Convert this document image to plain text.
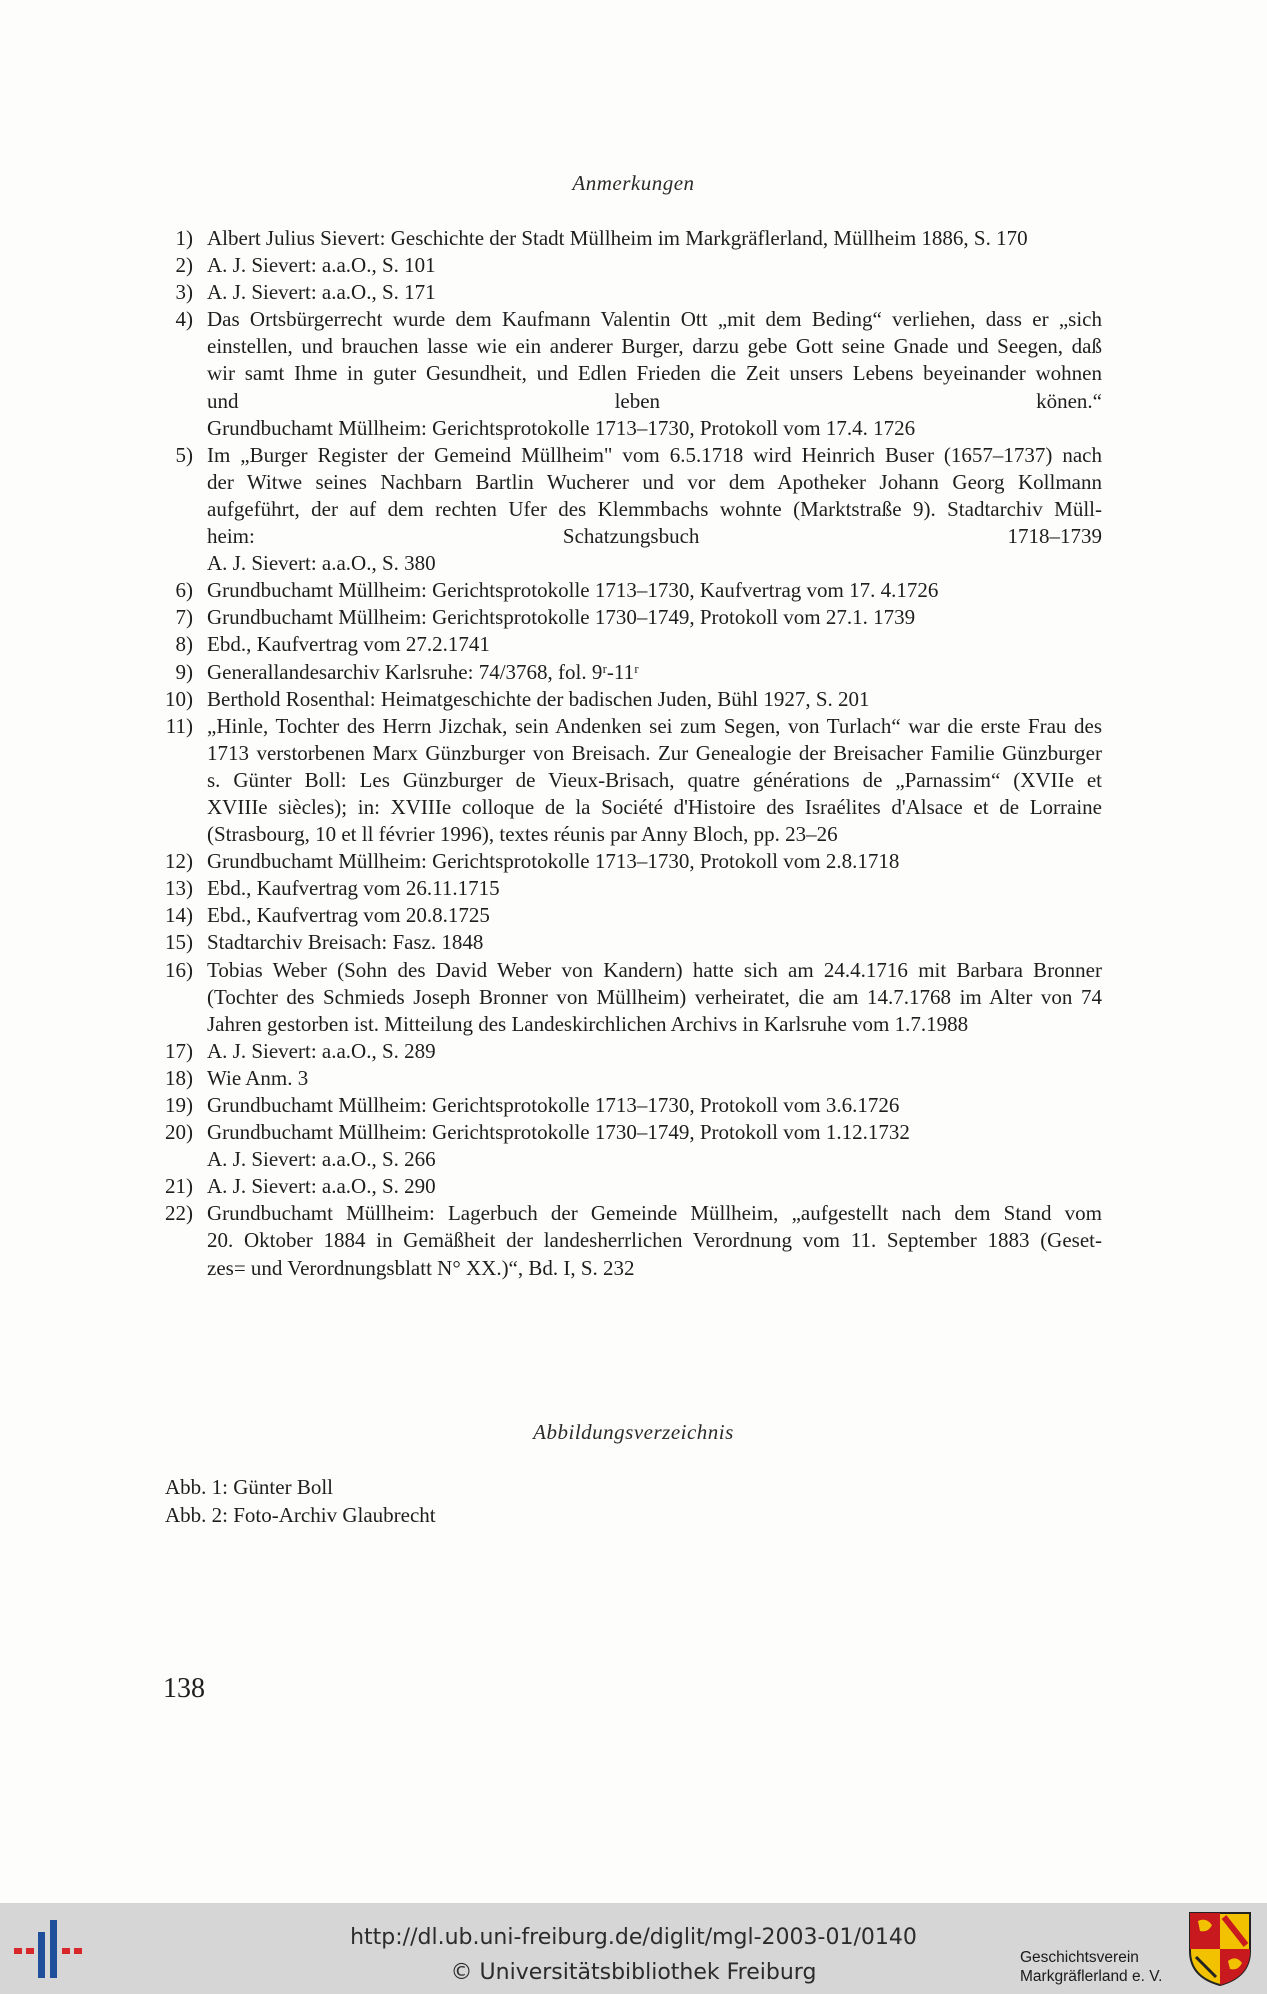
Anmerkungen
1) Albert Julius Sievert: Geschichte der Stadt Müllheim im Markgräflerland, Müllheim 1886, S. 170
2) A. J. Sievert: a.a.O., S. 101
3) A. J. Sievert: a.a.O., S. 171
4) Das Ortsbürgerrecht wurde dem Kaufmann Valentin Ott „mit dem Beding“ verliehen, dass er „sich
einstellen, und brauchen lasse wie ein anderer Burger, darzu gebe Gott seine Gnade und Seegen, daß
wir samt Ihme in guter Gesundheit, und Edlen Frieden die Zeit unsers Lebens beyeinander wohnen
und leben könen.“
Grundbuchamt Müllheim: Gerichtsprotokolle 1713–1730, Protokoll vom 17.4. 1726
5) Im „Burger Register der Gemeind Müllheim" vom 6.5.1718 wird Heinrich Buser (1657–1737) nach
der Witwe seines Nachbarn Bartlin Wucherer und vor dem Apotheker Johann Georg Kollmann
aufgeführt, der auf dem rechten Ufer des Klemmbachs wohnte (Marktstraße 9). Stadtarchiv Müll-
heim: Schatzungsbuch 1718–1739
A. J. Sievert: a.a.O., S. 380
6) Grundbuchamt Müllheim: Gerichtsprotokolle 1713–1730, Kaufvertrag vom 17. 4.1726
7) Grundbuchamt Müllheim: Gerichtsprotokolle 1730–1749, Protokoll vom 27.1. 1739
8) Ebd., Kaufvertrag vom 27.2.1741
9) Generallandesarchiv Karlsruhe: 74/3768, fol. 9ʳ-11ʳ
10) Berthold Rosenthal: Heimatgeschichte der badischen Juden, Bühl 1927, S. 201
11) „Hinle, Tochter des Herrn Jizchak, sein Andenken sei zum Segen, von Turlach“ war die erste Frau des
1713 verstorbenen Marx Günzburger von Breisach. Zur Genealogie der Breisacher Familie Günzburger
s. Günter Boll: Les Günzburger de Vieux-Brisach, quatre générations de „Parnassim“ (XVIIe et
XVIIIe siècles); in: XVIIIe colloque de la Société d'Histoire des Israélites d'Alsace et de Lorraine
(Strasbourg, 10 et ll février 1996), textes réunis par Anny Bloch, pp. 23–26
12) Grundbuchamt Müllheim: Gerichtsprotokolle 1713–1730, Protokoll vom 2.8.1718
13) Ebd., Kaufvertrag vom 26.11.1715
14) Ebd., Kaufvertrag vom 20.8.1725
15) Stadtarchiv Breisach: Fasz. 1848
16) Tobias Weber (Sohn des David Weber von Kandern) hatte sich am 24.4.1716 mit Barbara Bronner
(Tochter des Schmieds Joseph Bronner von Müllheim) verheiratet, die am 14.7.1768 im Alter von 74
Jahren gestorben ist. Mitteilung des Landeskirchlichen Archivs in Karlsruhe vom 1.7.1988
17) A. J. Sievert: a.a.O., S. 289
18) Wie Anm. 3
19) Grundbuchamt Müllheim: Gerichtsprotokolle 1713–1730, Protokoll vom 3.6.1726
20) Grundbuchamt Müllheim: Gerichtsprotokolle 1730–1749, Protokoll vom 1.12.1732
A. J. Sievert: a.a.O., S. 266
21) A. J. Sievert: a.a.O., S. 290
22) Grundbuchamt Müllheim: Lagerbuch der Gemeinde Müllheim, „aufgestellt nach dem Stand vom
20. Oktober 1884 in Gemäßheit der landesherrlichen Verordnung vom 11. September 1883 (Geset-
zes= und Verordnungsblatt N° XX.)“, Bd. I, S. 232
Abbildungsverzeichnis
Abb. 1: Günter Boll
Abb. 2: Foto-Archiv Glaubrecht
138
http://dl.ub.uni-freiburg.de/diglit/mgl-2003-01/0140
© Universitätsbibliothek Freiburg
Geschichtsverein
Markgräflerland e. V.
